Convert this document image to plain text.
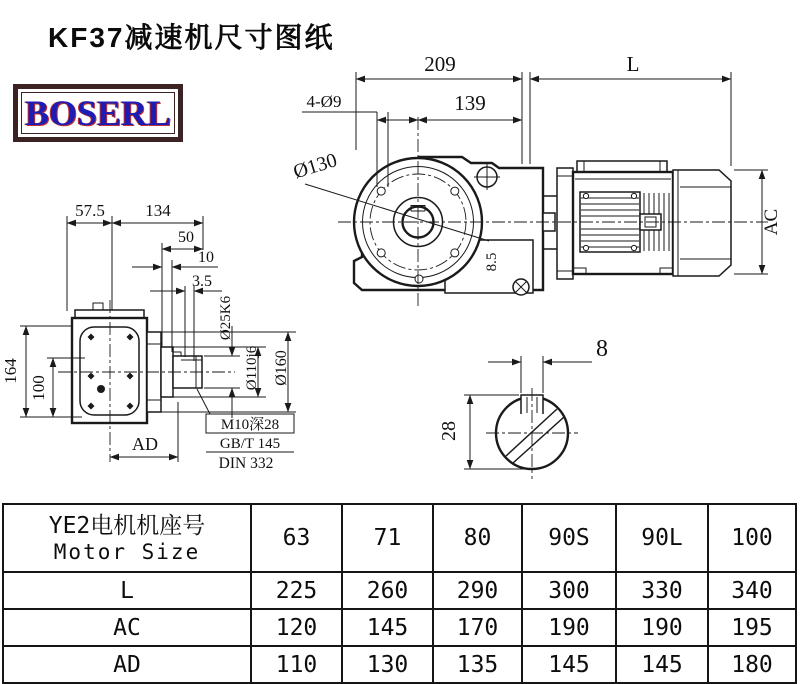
KF37减速机尺寸图纸
BOSERL
Ø130
209	L
4-Ø9	139
8.5
AC
57.5 134
50
10
3.5
Ø25K6
Ø110j6 Ø160
164
100
AD
M10深28
GB/T 145
DIN 332
8
28
YE2电机机座号
Motor Size	63	71	80	90S	90L	100
L	225	260	290	300	330	340
AC	120	145	170	190	190	195
AD	110	130	135	145	145	180
